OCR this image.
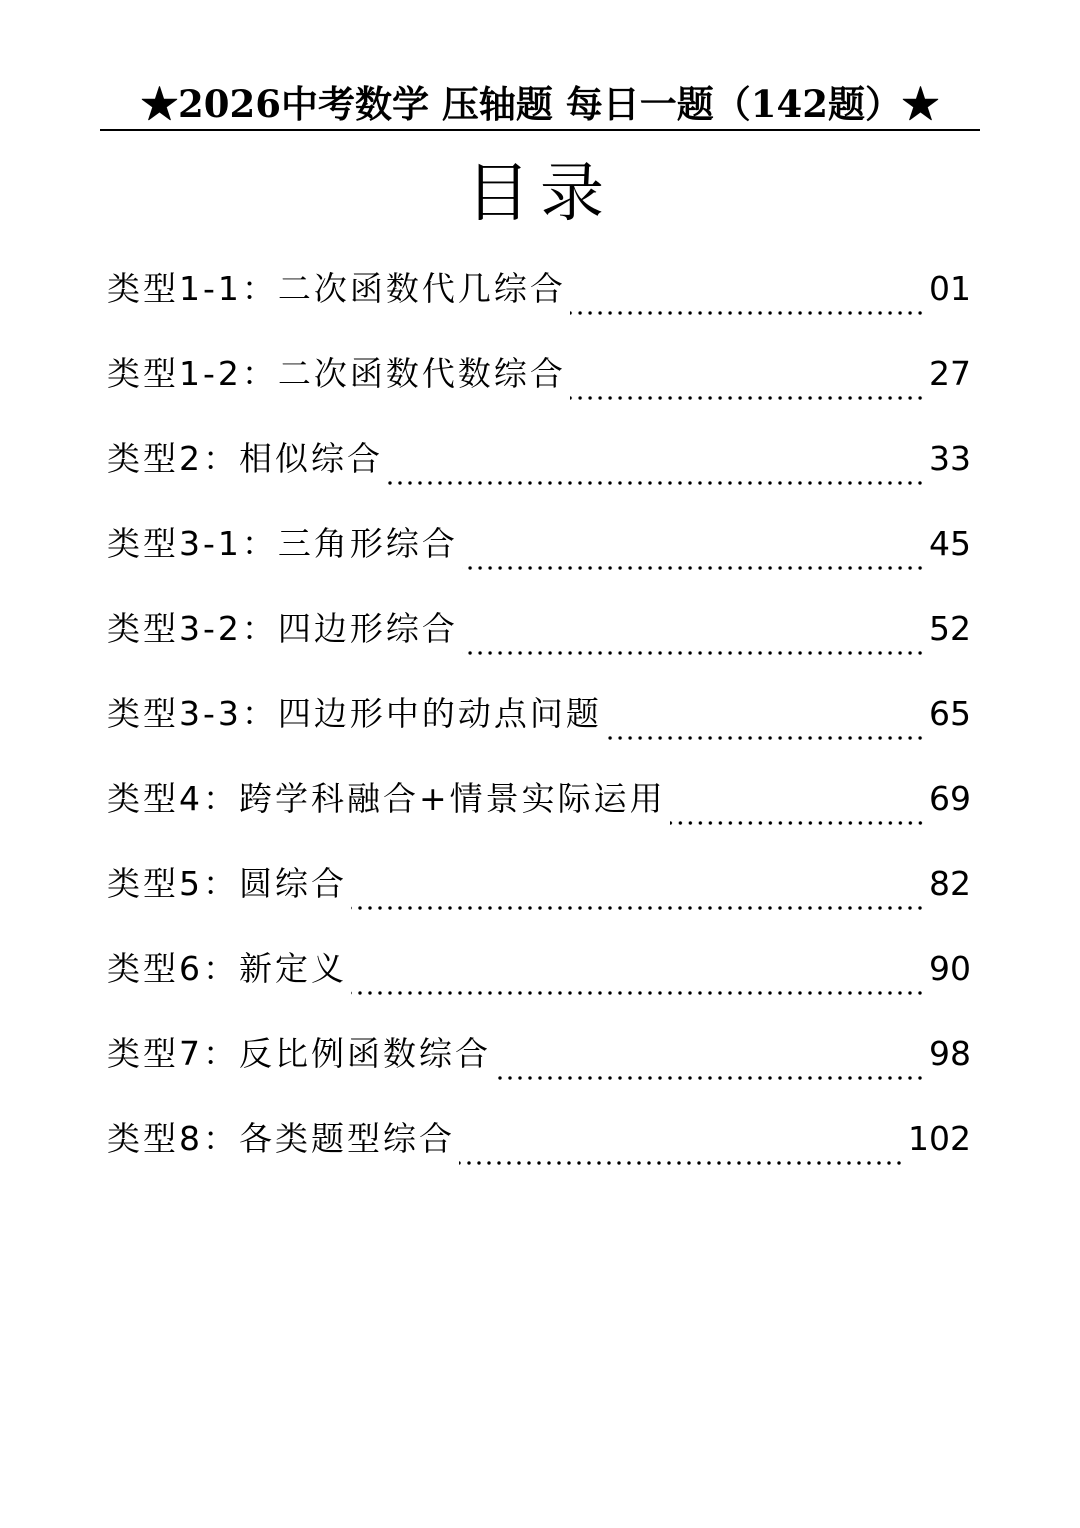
★2026中考数学 压轴题 每日一题（142题）★
目录
类型1-1：二次函数代几综合	01
类型1-2：二次函数代数综合	27
类型2：相似综合	33
类型3-1：三角形综合	45
类型3-2：四边形综合	52
类型3-3：四边形中的动点问题	65
类型4：跨学科融合+情景实际运用	69
类型5：圆综合	82
类型6：新定义	90
类型7：反比例函数综合	98
类型8：各类题型综合	102
